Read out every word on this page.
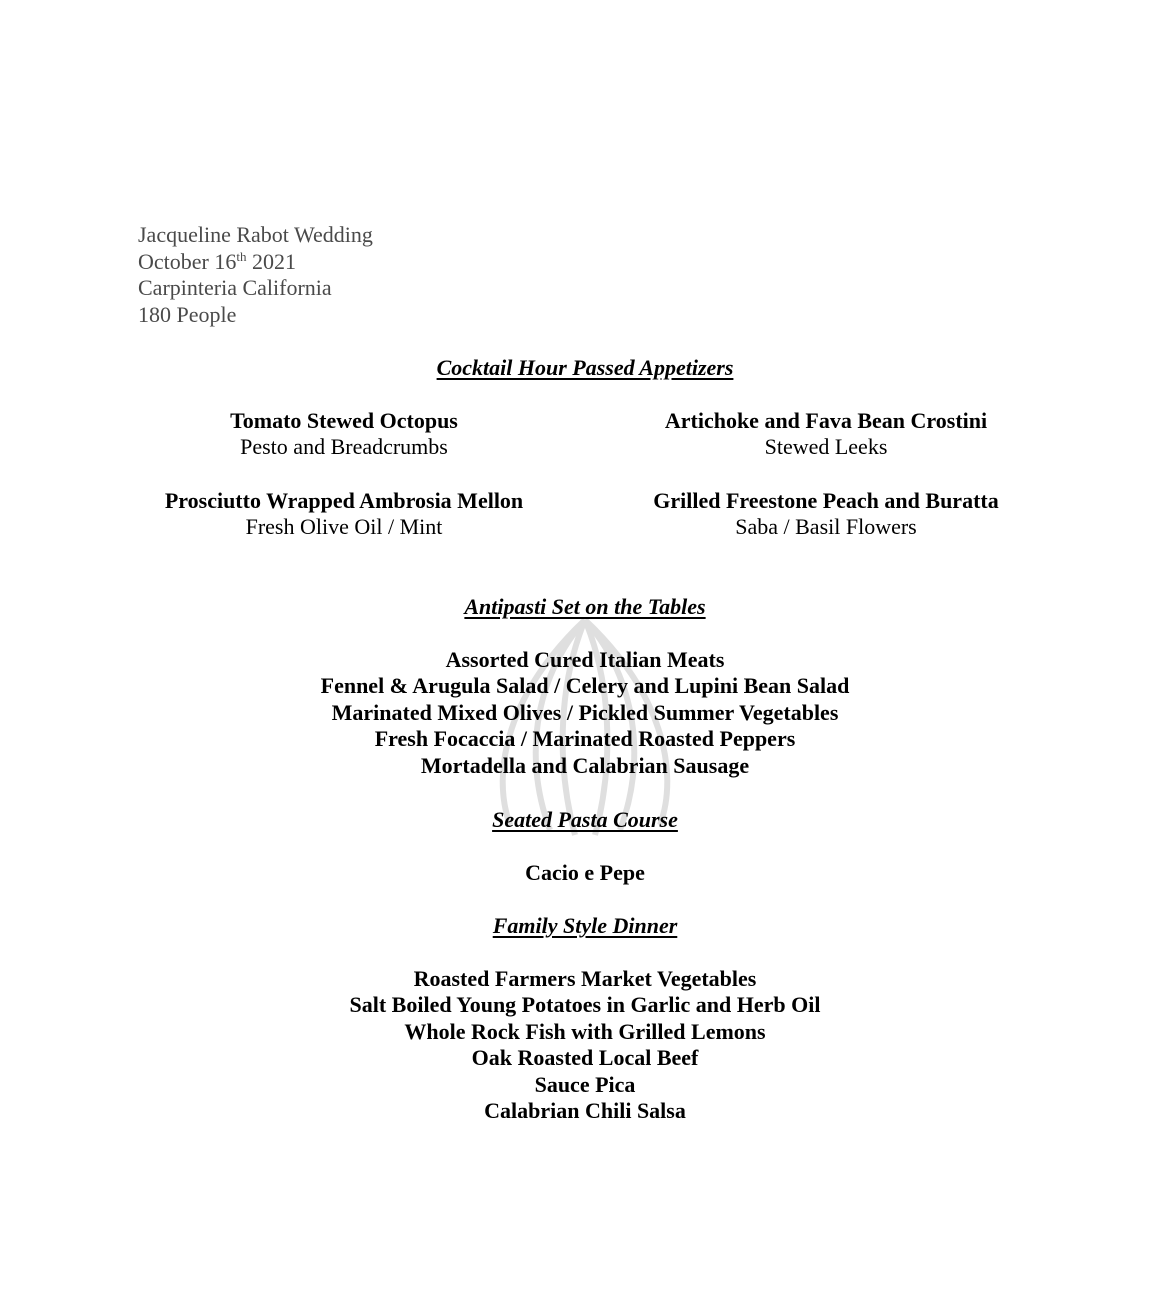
Jacqueline Rabot Wedding
October 16th 2021
Carpinteria California
180 People
Cocktail Hour Passed Appetizers
Tomato Stewed Octopus
Pesto and Breadcrumbs
Artichoke and Fava Bean Crostini
Stewed Leeks
Prosciutto Wrapped Ambrosia Mellon
Fresh Olive Oil / Mint
Grilled Freestone Peach and Buratta
Saba / Basil Flowers
Antipasti Set on the Tables
Assorted Cured Italian Meats
Fennel & Arugula Salad / Celery and Lupini Bean Salad
Marinated Mixed Olives / Pickled Summer Vegetables
Fresh Focaccia / Marinated Roasted Peppers
Mortadella and Calabrian Sausage
Seated Pasta Course
Cacio e Pepe
Family Style Dinner
Roasted Farmers Market Vegetables
Salt Boiled Young Potatoes in Garlic and Herb Oil
Whole Rock Fish with Grilled Lemons
Oak Roasted Local Beef
Sauce Pica
Calabrian Chili Salsa
